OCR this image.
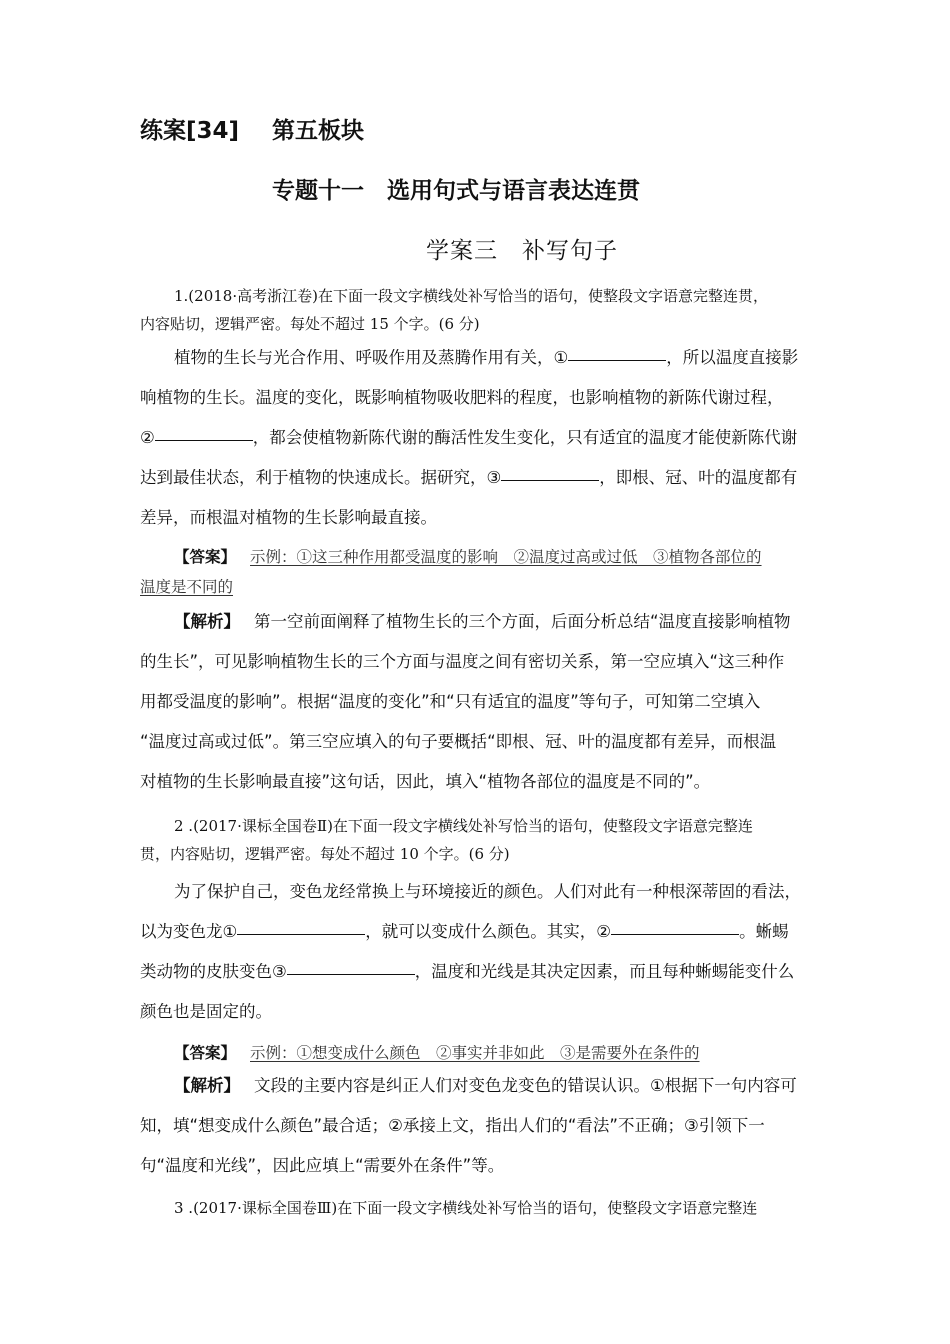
练案[34] 第五板块
专题十一　选用句式与语言表达连贯
学案三　补写句子
1.(2018·高考浙江卷)在下面一段文字横线处补写恰当的语句，使整段文字语意完整连贯，
内容贴切，逻辑严密。每处不超过 15 个字。(6 分)
植物的生长与光合作用、呼吸作用及蒸腾作用有关，①	，所以温度直接影
响植物的生长。温度的变化，既影响植物吸收肥料的程度，也影响植物的新陈代谢过程，
②	，都会使植物新陈代谢的酶活性发生变化，只有适宜的温度才能使新陈代谢
达到最佳状态，利于植物的快速成长。据研究，③	，即根、冠、叶的温度都有
差异，而根温对植物的生长影响最直接。
【答案】 示例：①这三种作用都受温度的影响　②温度过高或过低　③植物各部位的
温度是不同的
【解析】 第一空前面阐释了植物生长的三个方面，后面分析总结“温度直接影响植物
的生长”，可见影响植物生长的三个方面与温度之间有密切关系，第一空应填入“这三种作
用都受温度的影响”。根据“温度的变化”和“只有适宜的温度”等句子，可知第二空填入
“温度过高或过低”。第三空应填入的句子要概括“即根、冠、叶的温度都有差异，而根温
对植物的生长影响最直接”这句话，因此，填入“植物各部位的温度是不同的”。
2 .(2017·课标全国卷Ⅱ)在下面一段文字横线处补写恰当的语句，使整段文字语意完整连
贯，内容贴切，逻辑严密。每处不超过 10 个字。(6 分)
为了保护自己，变色龙经常换上与环境接近的颜色。人们对此有一种根深蒂固的看法，
以为变色龙①	，就可以变成什么颜色。其实，②	。蜥蜴
类动物的皮肤变色③	，温度和光线是其决定因素，而且每种蜥蜴能变什么
颜色也是固定的。
【答案】 示例：①想变成什么颜色　②事实并非如此　③是需要外在条件的
【解析】 文段的主要内容是纠正人们对变色龙变色的错误认识。①根据下一句内容可
知，填“想变成什么颜色”最合适；②承接上文，指出人们的“看法”不正确；③引领下一
句“温度和光线”，因此应填上“需要外在条件”等。
3 .(2017·课标全国卷Ⅲ)在下面一段文字横线处补写恰当的语句，使整段文字语意完整连
